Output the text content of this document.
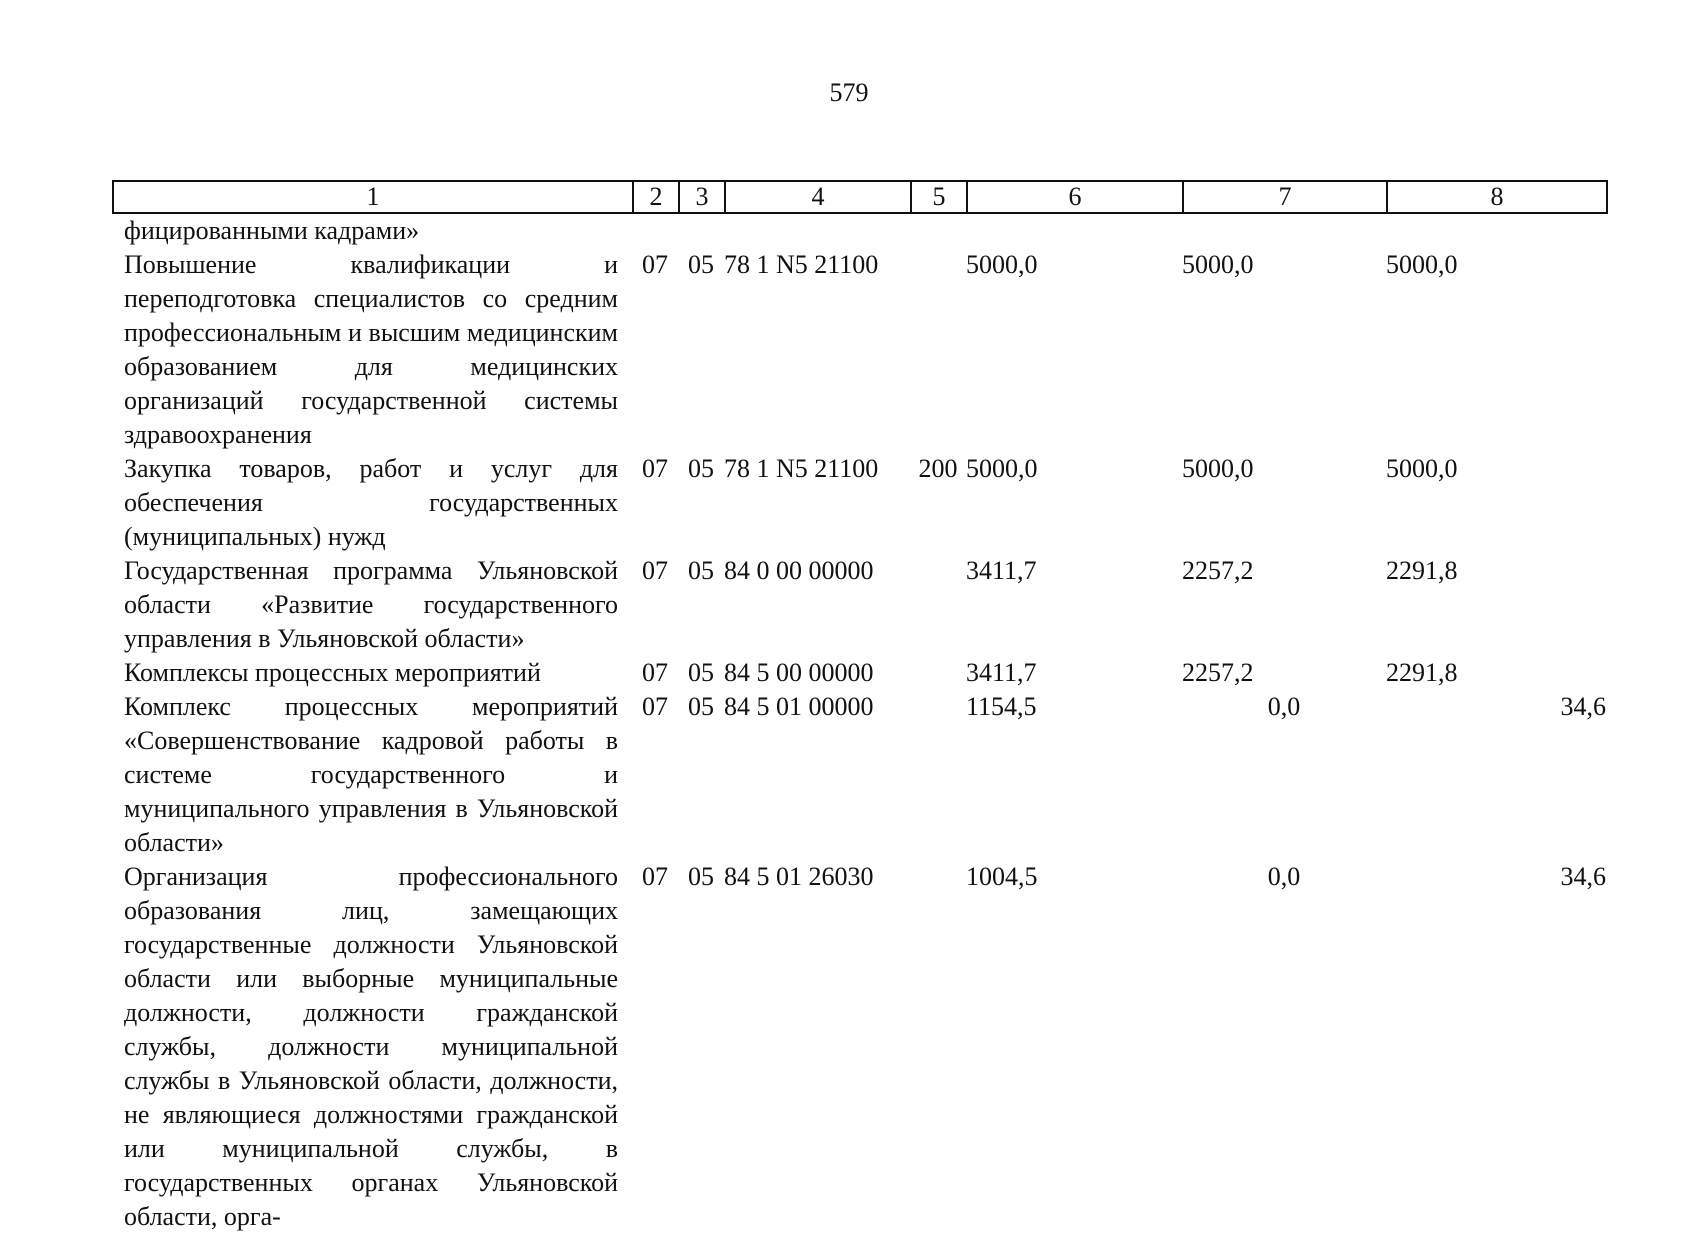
579
1	2	3	4	5	6	7	8
фицированными кадрами»							
Повышение квалификации и переподготовка специалистов со средним профессиональным и высшим медицинским образованием для медицинских организаций государственной системы здравоохранения	07	05	78 1 N5 21100		5000,0	5000,0	5000,0
Закупка товаров, работ и услуг для обеспечения государственных (муниципальных) нужд	07	05	78 1 N5 21100	200	5000,0	5000,0	5000,0
Государственная программа Ульяновской области «Развитие государственного управления в Ульяновской области»	07	05	84 0 00 00000		3411,7	2257,2	2291,8
Комплексы процессных мероприятий	07	05	84 5 00 00000		3411,7	2257,2	2291,8
Комплекс процессных мероприятий «Совершенствование кадровой работы в системе государственного и муниципального управления в Ульяновской области»	07	05	84 5 01 00000		1154,5	0,0	34,6
Организация профессионального образования лиц, замещающих государственные должности Ульяновской области или выборные муниципальные должности, должности гражданской службы, должности муниципальной службы в Ульяновской области, должности, не являющиеся должностями гражданской или муниципальной службы, в государственных органах Ульяновской области, орга-	07	05	84 5 01 26030		1004,5	0,0	34,6
